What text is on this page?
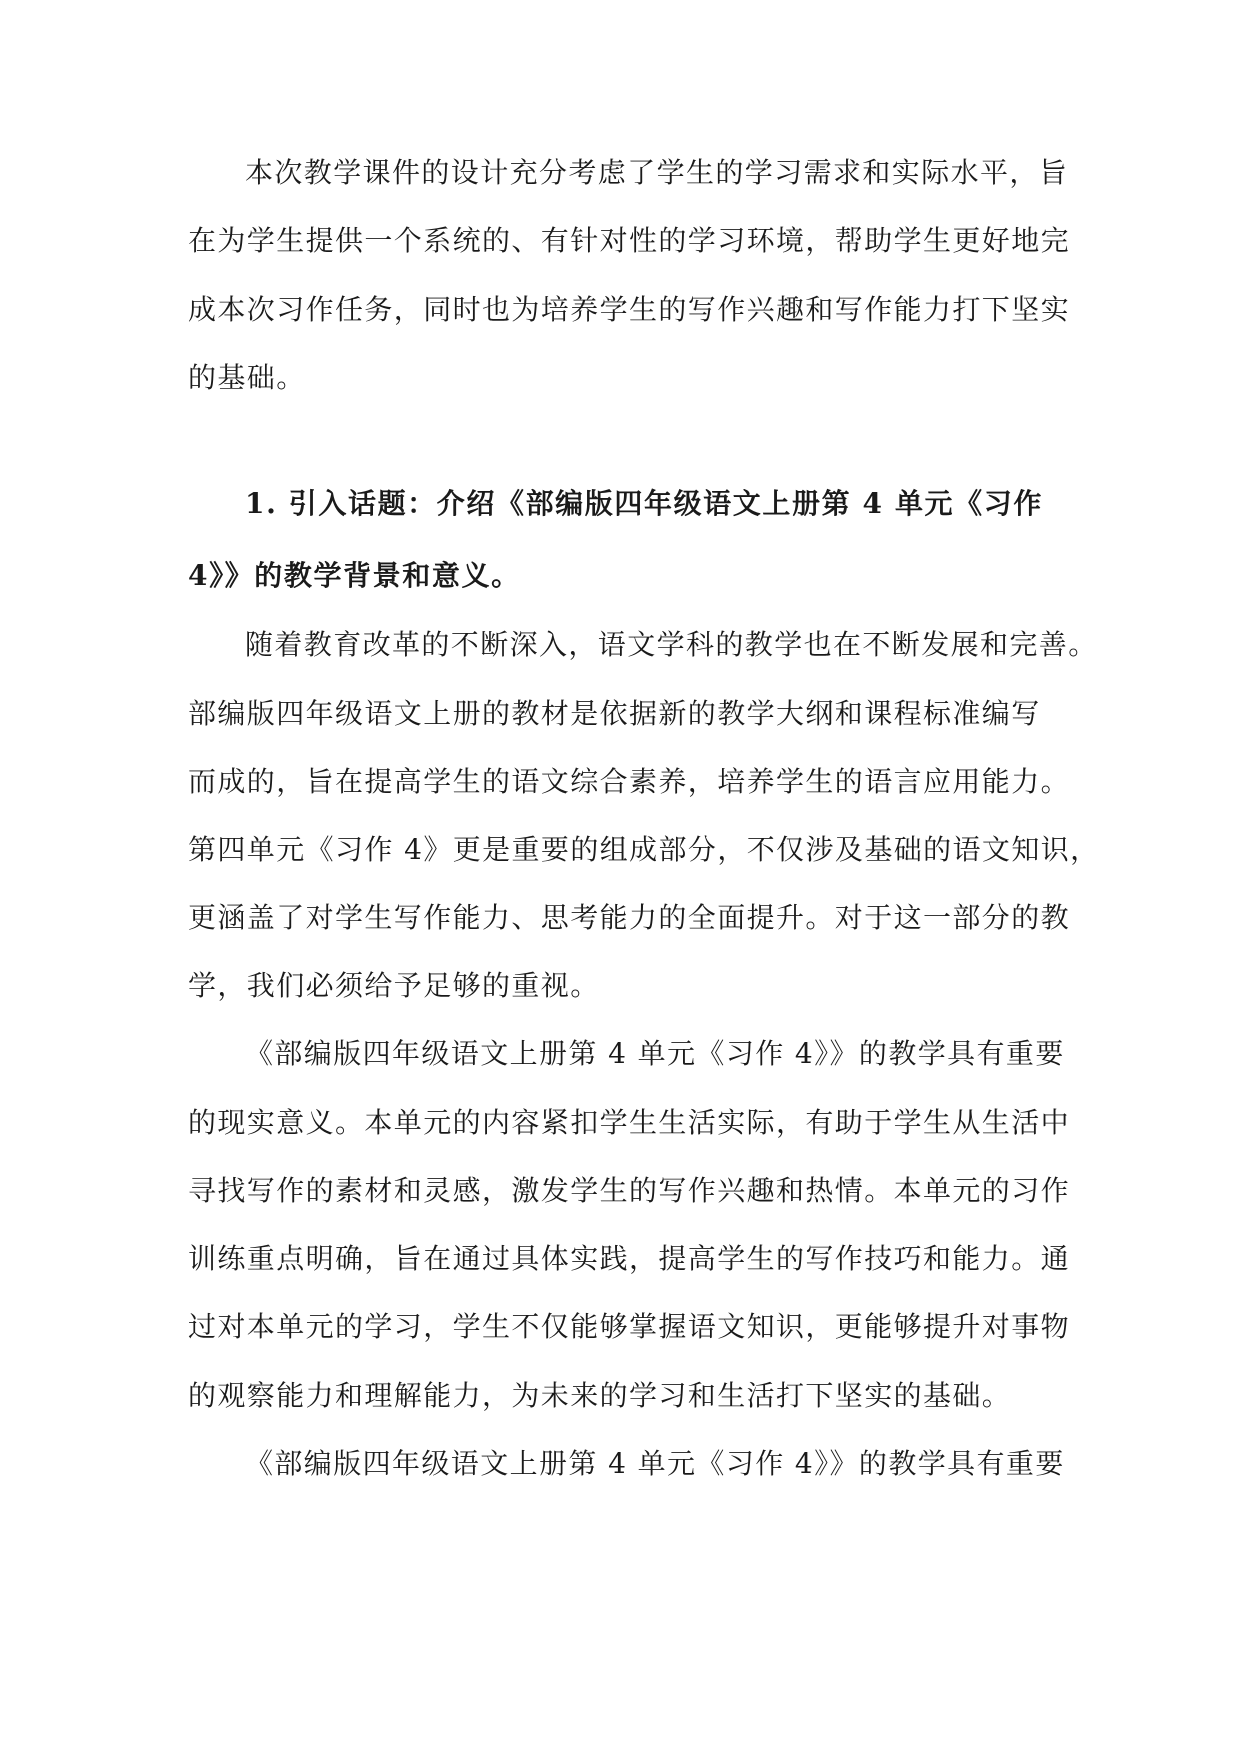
本次教学课件的设计充分考虑了学生的学习需求和实际水平，旨
在为学生提供一个系统的、有针对性的学习环境，帮助学生更好地完
成本次习作任务，同时也为培养学生的写作兴趣和写作能力打下坚实
的基础。
1. 引入话题：介绍《部编版四年级语文上册第 4 单元《习作
4》》的教学背景和意义。
随着教育改革的不断深入，语文学科的教学也在不断发展和完善。
部编版四年级语文上册的教材是依据新的教学大纲和课程标准编写
而成的，旨在提高学生的语文综合素养，培养学生的语言应用能力。
第四单元《习作 4》更是重要的组成部分，不仅涉及基础的语文知识，
更涵盖了对学生写作能力、思考能力的全面提升。对于这一部分的教
学，我们必须给予足够的重视。
《部编版四年级语文上册第 4 单元《习作 4》》的教学具有重要
的现实意义。本单元的内容紧扣学生生活实际，有助于学生从生活中
寻找写作的素材和灵感，激发学生的写作兴趣和热情。本单元的习作
训练重点明确，旨在通过具体实践，提高学生的写作技巧和能力。通
过对本单元的学习，学生不仅能够掌握语文知识，更能够提升对事物
的观察能力和理解能力，为未来的学习和生活打下坚实的基础。
《部编版四年级语文上册第 4 单元《习作 4》》的教学具有重要
